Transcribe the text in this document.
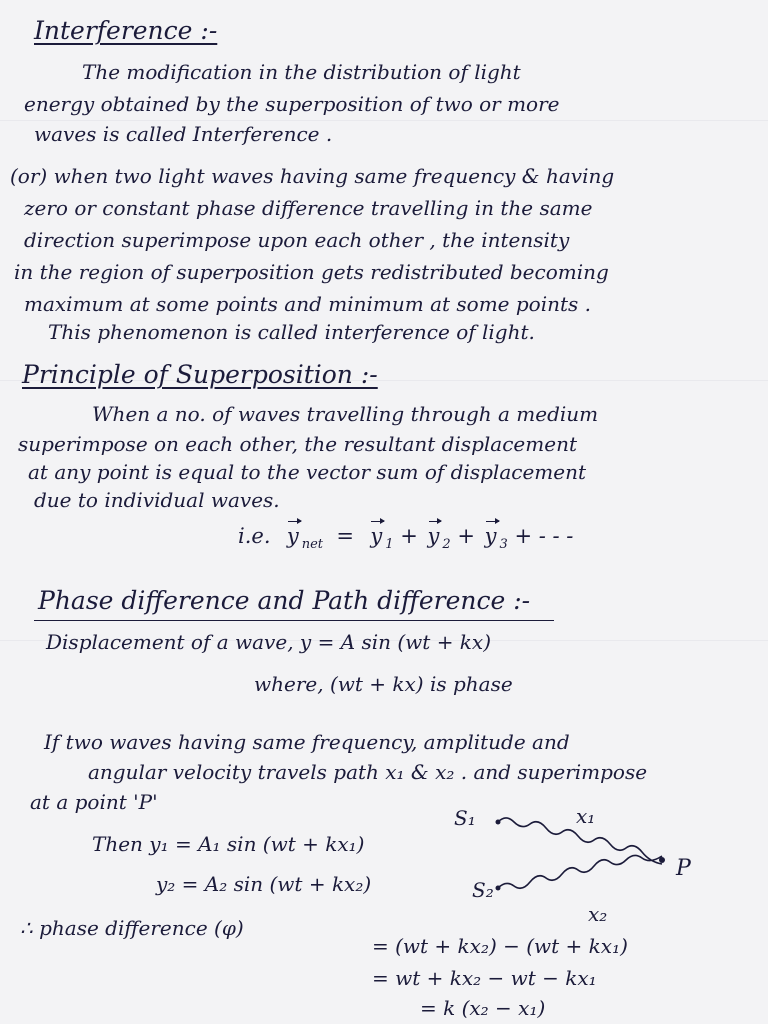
Interference :-
The modification in the distribution of light
energy obtained by the superposition of two or more
waves is called Interference .
(or) when two light waves having same frequency & having
zero or constant phase difference travelling in the same
direction superimpose upon each other , the intensity
in the region of superposition gets redistributed becoming
maximum at some points and minimum at some points .
This phenomenon is called interference of light.
Principle of Superposition :-
When a no. of waves travelling through a medium
superimpose on each other, the resultant displacement
at any point is equal to the vector sum of displacement
due to individual waves.
i.e. y $_{net}$ = y $_1$ + y $_2$ + y $_3$ + - - -
Phase difference and Path difference :-
Displacement of a wave, y = A sin (wt + kx)
where, (wt + kx) is phase
If two waves having same frequency, amplitude and
angular velocity travels path x₁ & x₂ . and superimpose
at a point 'P'
Then y₁ = A₁ sin (wt + kx₁)
y₂ = A₂ sin (wt + kx₂)
∴ phase difference (φ)
= (wt + kx₂) − (wt + kx₁)
= wt + kx₂ − wt − kx₁
= k (x₂ − x₁)
S₁
S₂
x₁
x₂
P
